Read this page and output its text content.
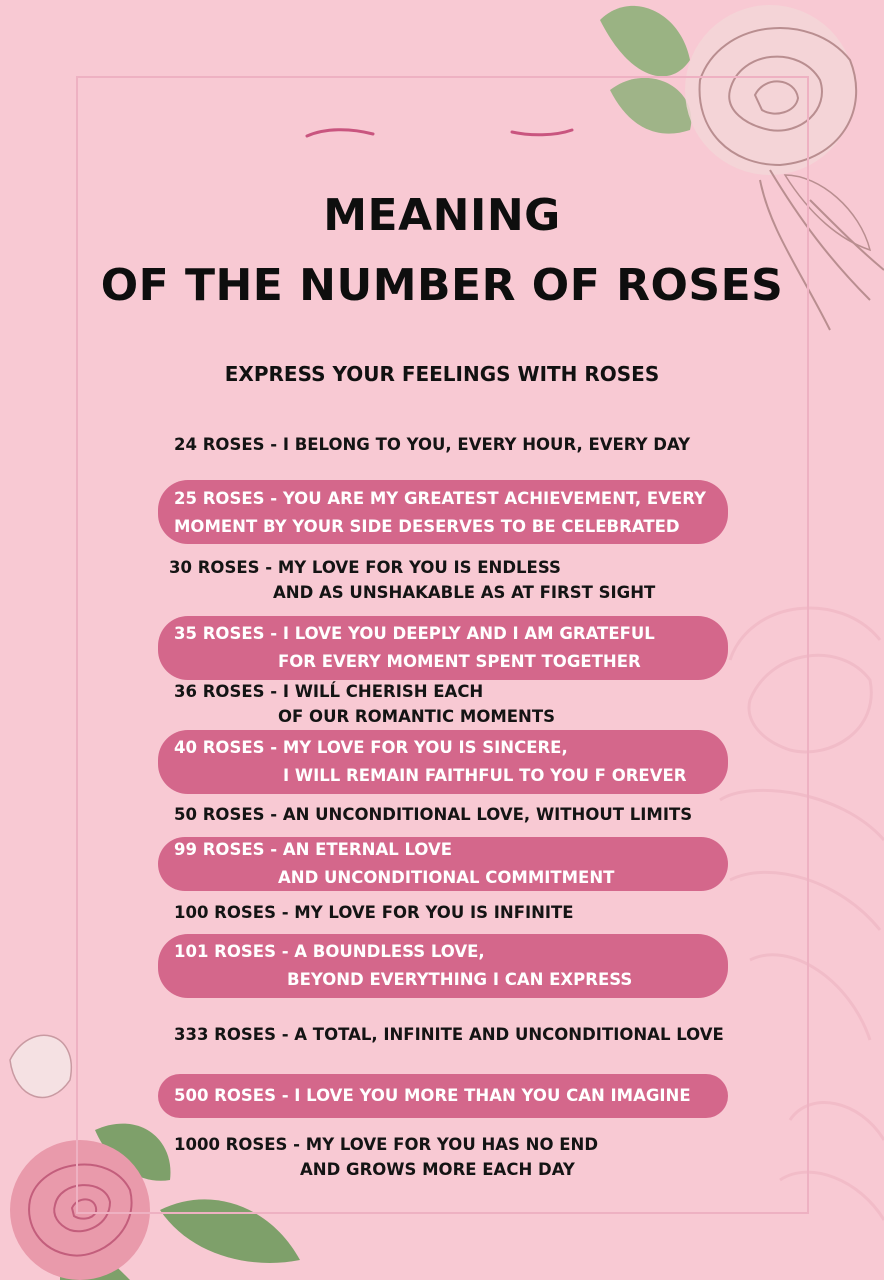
MEANING
OF THE NUMBER OF ROSES
EXPRESS YOUR FEELINGS WITH ROSES
24 ROSES - I BELONG TO YOU, EVERY HOUR, EVERY DAY
25 ROSES - YOU ARE MY GREATEST ACHIEVEMENT, EVERY
MOMENT BY YOUR SIDE DESERVES TO BE CELEBRATED
30 ROSES - MY LOVE FOR YOU IS ENDLESS
AND AS UNSHAKABLE AS AT FIRST SIGHT
35 ROSES - I LOVE YOU DEEPLY AND I AM GRATEFUL
FOR EVERY MOMENT SPENT TOGETHER
36 ROSES - I WILĹ CHERISH EACH
OF OUR ROMANTIC MOMENTS
40 ROSES - MY LOVE FOR YOU IS SINCERE,
I WILL REMAIN FAITHFUL TO YOU F OREVER
50 ROSES - AN UNCONDITIONAL LOVE, WITHOUT LIMITS
99 ROSES - AN ETERNAL LOVE
AND UNCONDITIONAL COMMITMENT
100 ROSES - MY LOVE FOR YOU IS INFINITE
101 ROSES - A BOUNDLESS LOVE,
BEYOND EVERYTHING I CAN EXPRESS
333 ROSES - A TOTAL, INFINITE AND UNCONDITIONAL LOVE
500 ROSES - I LOVE YOU MORE THAN YOU CAN IMAGINE
1000 ROSES - MY LOVE FOR YOU HAS NO END
AND GROWS MORE EACH DAY
